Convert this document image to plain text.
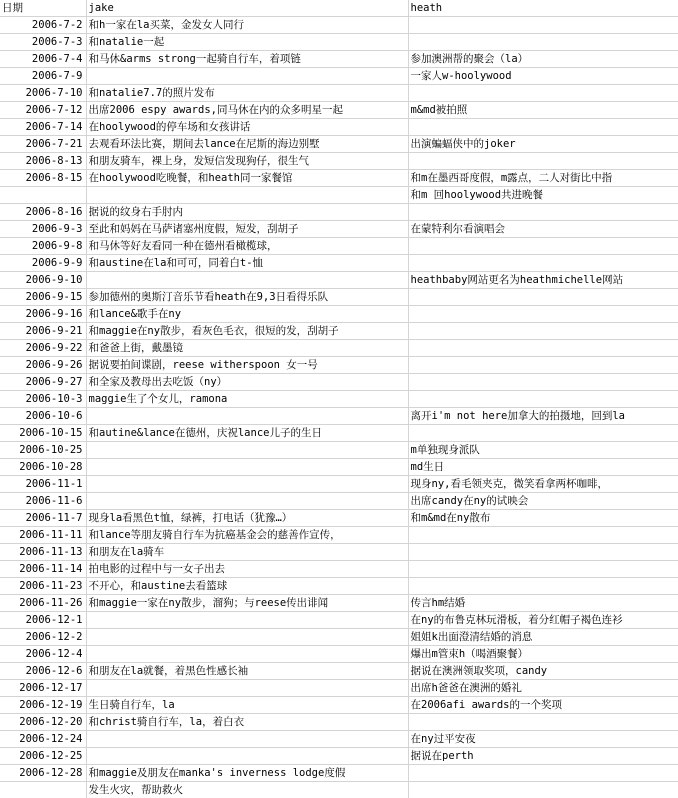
日期	jake	heath
2006-7-2	和h一家在la买菜，金发女人同行	
2006-7-3	和natalie一起	
2006-7-4	和马休&arms strong一起骑自行车，着项链	参加澳洲帮的聚会（la）
2006-7-9		一家人w-hoolywood
2006-7-10	和natalie7.7的照片发布	
2006-7-12	出席2006 espy awards,同马休在内的众多明星一起	m&md被拍照
2006-7-14	在hoolywood的停车场和女孩讲话	
2006-7-21	去观看环法比赛，期间去lance在尼斯的海边别墅	出演蝙蝠侠中的joker
2006-8-13	和朋友骑车，裸上身，发短信发现狗仔，很生气	
2006-8-15	在hoolywood吃晚餐，和heath同一家餐馆	和m在墨西哥度假，m露点，二人对街比中指
		和m 回hoolywood共进晚餐
2006-8-16	据说的纹身右手肘内	
2006-9-3	至此和妈妈在马萨诸塞州度假，短发，刮胡子	在蒙特利尔看演唱会
2006-9-8	和马休等好友看同一种在德州看橄榄球，	
2006-9-9	和austine在la和可可，同着白t-恤	
2006-9-10		heathbaby网站更名为heathmichelle网站
2006-9-15	参加德州的奥斯汀音乐节看heath在9,3日看得乐队	
2006-9-16	和lance&歌手在ny	
2006-9-21	和maggie在ny散步，看灰色毛衣，很短的发，刮胡子	
2006-9-22	和爸爸上街，戴墨镜	
2006-9-26	据说要拍间谍剧，reese witherspoon 女一号	
2006-9-27	和全家及教母出去吃饭（ny）	
2006-10-3	maggie生了个女儿，ramona	
2006-10-6		离开i'm not here加拿大的拍摄地，回到la
2006-10-15	和autine&lance在德州，庆祝lance儿子的生日	
2006-10-25		m单独现身派队
2006-10-28		md生日
2006-11-1		现身ny,看毛领夹克，微笑看拿两杯咖啡，
2006-11-6		出席candy在ny的试映会
2006-11-7	现身la看黑色t恤，绿裤，打电话（犹豫…）	和m&md在ny散布
2006-11-11	和lance等朋友骑自行车为抗癌基金会的慈善作宣传，	
2006-11-13	和朋友在la骑车	
2006-11-14	拍电影的过程中与一女子出去	
2006-11-23	不开心，和austine去看篮球	
2006-11-26	和maggie一家在ny散步，溜狗；与reese传出诽闻	传言hm结婚
2006-12-1		在ny的布鲁克林玩滑板，着分红帽子褐色连衫
2006-12-2		姐姐k出面澄清结婚的消息
2006-12-4		爆出m管束h（喝酒聚餐）
2006-12-6	和朋友在la就餐，着黑色性感长袖	据说在澳洲领取奖项，candy
2006-12-17		出席h爸爸在澳洲的婚礼
2006-12-19	生日骑自行车，la	在2006afi awards的一个奖项
2006-12-20	和christ骑自行车，la，着白衣	
2006-12-24		在ny过平安夜
2006-12-25		据说在perth
2006-12-28	和maggie及朋友在manka's inverness lodge度假	
	发生火灾，帮助救火	
